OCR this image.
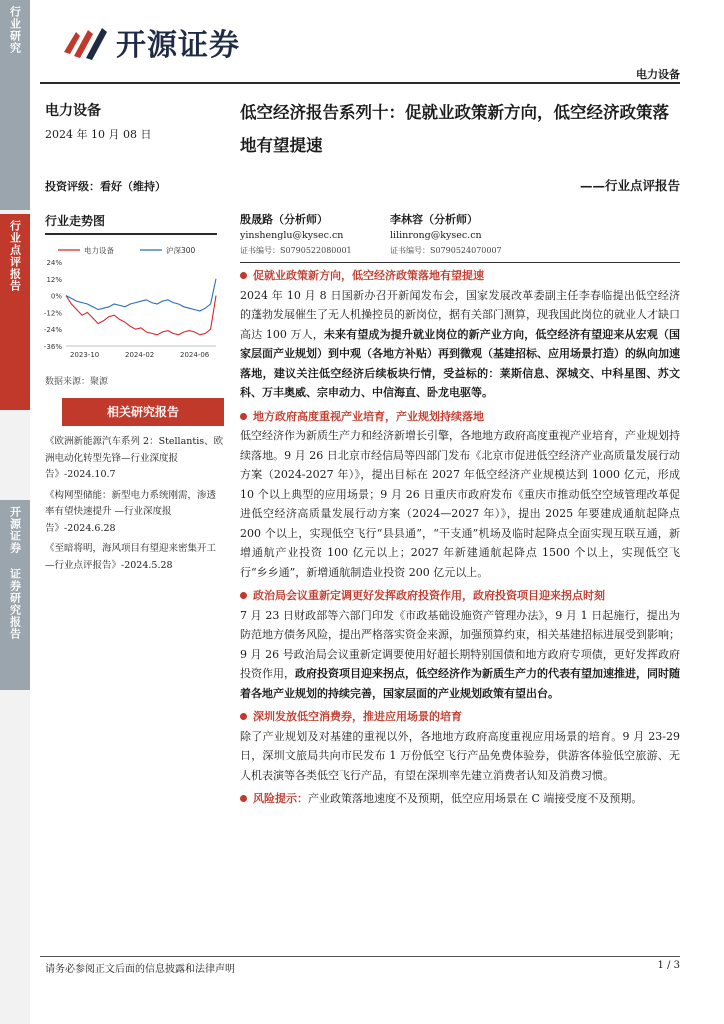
行业研究
行业点评报告
开源证券 证券研究报告
开源证券
电力设备
电力设备
2024 年 10 月 08 日
投资评级：看好（维持）
行业走势图
电力设备	沪深300
24%
12%
0%
-12%
-24%
-36%
2023-10	2024-02	2024-06
数据来源：聚源
相关研究报告

《欧洲新能源汽车系列 2：Stellantis、欧洲电动化转型先锋—行业深度报告》-2024.10.7

《构网型储能：新型电力系统刚需，渗透率有望快速提升 —行业深度报告》-2024.6.28

《至暗将明，海风项目有望迎来密集开工—行业点评报告》-2024.5.28

低空经济报告系列十：促就业政策新方向，低空经济政策落地有望提速
——行业点评报告
殷晟路（分析师）
yinshenglu@kysec.cn
证书编号：S0790522080001
李林容（分析师）
lilinrong@kysec.cn
证书编号：S0790524070007
促就业政策新方向，低空经济政策落地有望提速
2024 年 10 月 8 日国新办召开新闻发布会，国家发展改革委副主任李春临提出低空经济的蓬勃发展催生了无人机操控员的新岗位，据有关部门测算，现我国此岗位的就业人才缺口高达 100 万人，未来有望成为提升就业岗位的新产业方向，低空经济有望迎来从宏观（国家层面产业规划）到中观（各地方补贴）再到微观（基建招标、应用场景打造）的纵向加速落地，建议关注低空经济后续板块行情，受益标的：莱斯信息、深城交、中科星图、苏文科、万丰奥威、宗申动力、中信海直、卧龙电驱等。
地方政府高度重视产业培育，产业规划持续落地
低空经济作为新质生产力和经济新增长引擎，各地地方政府高度重视产业培育，产业规划持续落地。9 月 26 日北京市经信局等四部门发布《北京市促进低空经济产业高质量发展行动方案（2024-2027 年）》，提出目标在 2027 年低空经济产业规模达到 1000 亿元，形成 10 个以上典型的应用场景；9 月 26 日重庆市政府发布《重庆市推动低空空域管理改革促进低空经济高质量发展行动方案（2024—2027 年）》，提出 2025 年要建成通航起降点 200 个以上，实现低空飞行“县县通”，“干支通”机场及临时起降点全面实现互联互通，新增通航产业投资 100 亿元以上；2027 年新建通航起降点 1500 个以上，实现低空飞行“乡乡通”，新增通航制造业投资 200 亿元以上。
政治局会议重新定调更好发挥政府投资作用，政府投资项目迎来拐点时刻
7 月 23 日财政部等六部门印发《市政基础设施资产管理办法》，9 月 1 日起施行，提出为防范地方债务风险，提出严格落实资金来源，加强预算约束，相关基建招标进展受到影响；9 月 26 号政治局会议重新定调要使用好超长期特别国债和地方政府专项债，更好发挥政府投资作用，政府投资项目迎来拐点，低空经济作为新质生产力的代表有望加速推进，同时随着各地产业规划的持续完善，国家层面的产业规划政策有望出台。
深圳发放低空消费券，推进应用场景的培育
除了产业规划及对基建的重视以外，各地地方政府高度重视应用场景的培育。9 月 23-29 日，深圳文旅局共向市民发布 1 万份低空飞行产品免费体验券，供游客体验低空旅游、无人机表演等各类低空飞行产品，有望在深圳率先建立消费者认知及消费习惯。
风险提示：产业政策落地速度不及预期，低空应用场景在 C 端接受度不及预期。
请务必参阅正文后面的信息披露和法律声明	1 / 3
